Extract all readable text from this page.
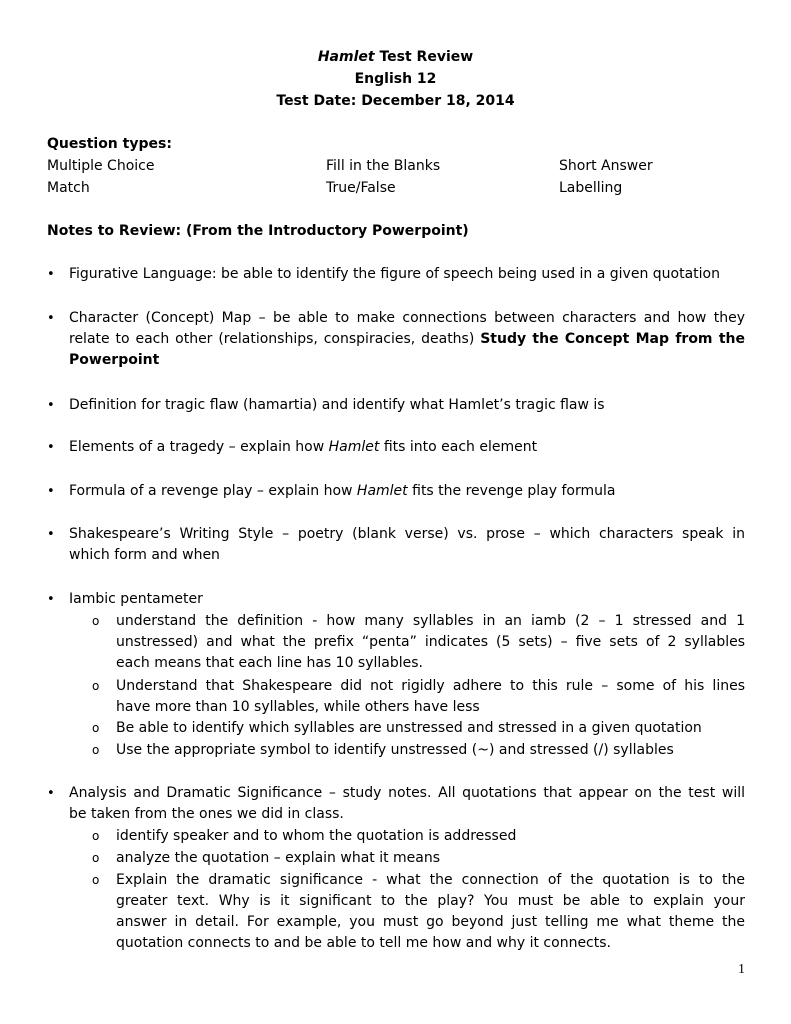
Hamlet Test Review
English 12
Test Date: December 18, 2014
Question types:
Multiple Choice	Fill in the Blanks	Short Answer
Match	True/False	Labelling
Notes to Review: (From the Introductory Powerpoint)
• Figurative Language: be able to identify the figure of speech being used in a given quotation
• Character (Concept) Map – be able to make connections between characters and how they
relate to each other (relationships, conspiracies, deaths) Study the Concept Map from the
Powerpoint
• Definition for tragic flaw (hamartia) and identify what Hamlet’s tragic flaw is
• Elements of a tragedy – explain how Hamlet fits into each element
• Formula of a revenge play – explain how Hamlet fits the revenge play formula
• Shakespeare’s Writing Style – poetry (blank verse) vs. prose – which characters speak in
which form and when
• Iambic pentameter
o understand the definition - how many syllables in an iamb (2 – 1 stressed and 1
unstressed) and what the prefix “penta” indicates (5 sets) – five sets of 2 syllables
each means that each line has 10 syllables.
o Understand that Shakespeare did not rigidly adhere to this rule – some of his lines
have more than 10 syllables, while others have less
o Be able to identify which syllables are unstressed and stressed in a given quotation
o Use the appropriate symbol to identify unstressed (~) and stressed (/) syllables
• Analysis and Dramatic Significance – study notes. All quotations that appear on the test will
be taken from the ones we did in class.
o identify speaker and to whom the quotation is addressed
o analyze the quotation – explain what it means
o Explain the dramatic significance - what the connection of the quotation is to the
greater text. Why is it significant to the play? You must be able to explain your
answer in detail. For example, you must go beyond just telling me what theme the
quotation connects to and be able to tell me how and why it connects.
1
